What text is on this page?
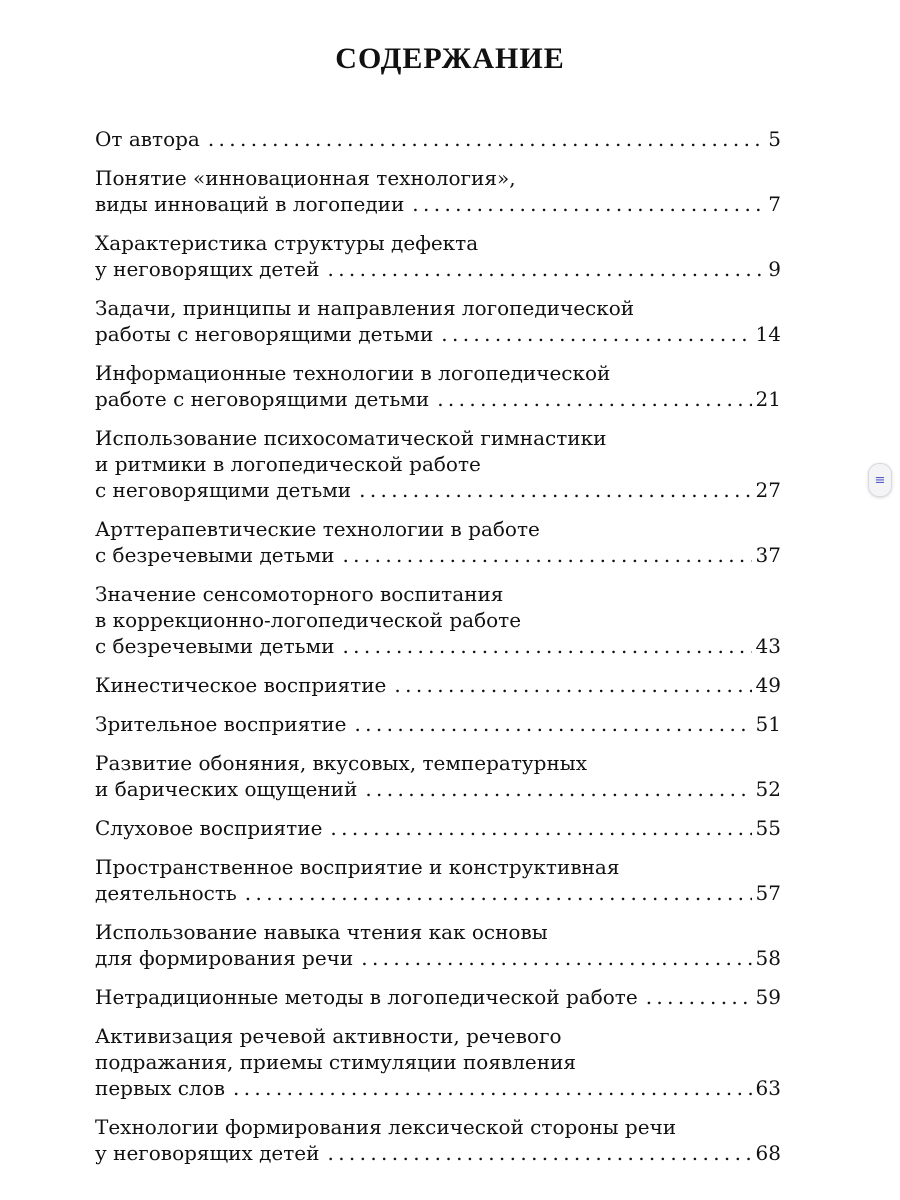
СОДЕРЖАНИЕ
От автора . . .	5
Понятие «инновационная технология»,
виды инноваций в логопедии . . .	7
Характеристика структуры дефекта
у неговорящих детей . . .	9
Задачи, принципы и направления логопедической
работы с неговорящими детьми . . .	14
Информационные технологии в логопедической
работе с неговорящими детьми . . .	21
Использование психосоматической гимнастики
и ритмики в логопедической работе
с неговорящими детьми . . .	27
Арттерапевтические технологии в работе
с безречевыми детьми . . .	37
Значение сенсомоторного воспитания
в коррекционно-логопедической работе
с безречевыми детьми . . .	43
Кинестическое восприятие . . .	49
Зрительное восприятие . . .	51
Развитие обоняния, вкусовых, температурных
и барических ощущений . . .	52
Слуховое восприятие . . .	55
Пространственное восприятие и конструктивная
деятельность . . .	57
Использование навыка чтения как основы
для формирования речи . . .	58
Нетрадиционные методы в логопедической работе . . .	59
Активизация речевой активности, речевого
подражания, приемы стимуляции появления
первых слов . . .	63
Технологии формирования лексической стороны речи
у неговорящих детей . . .	68
≡
